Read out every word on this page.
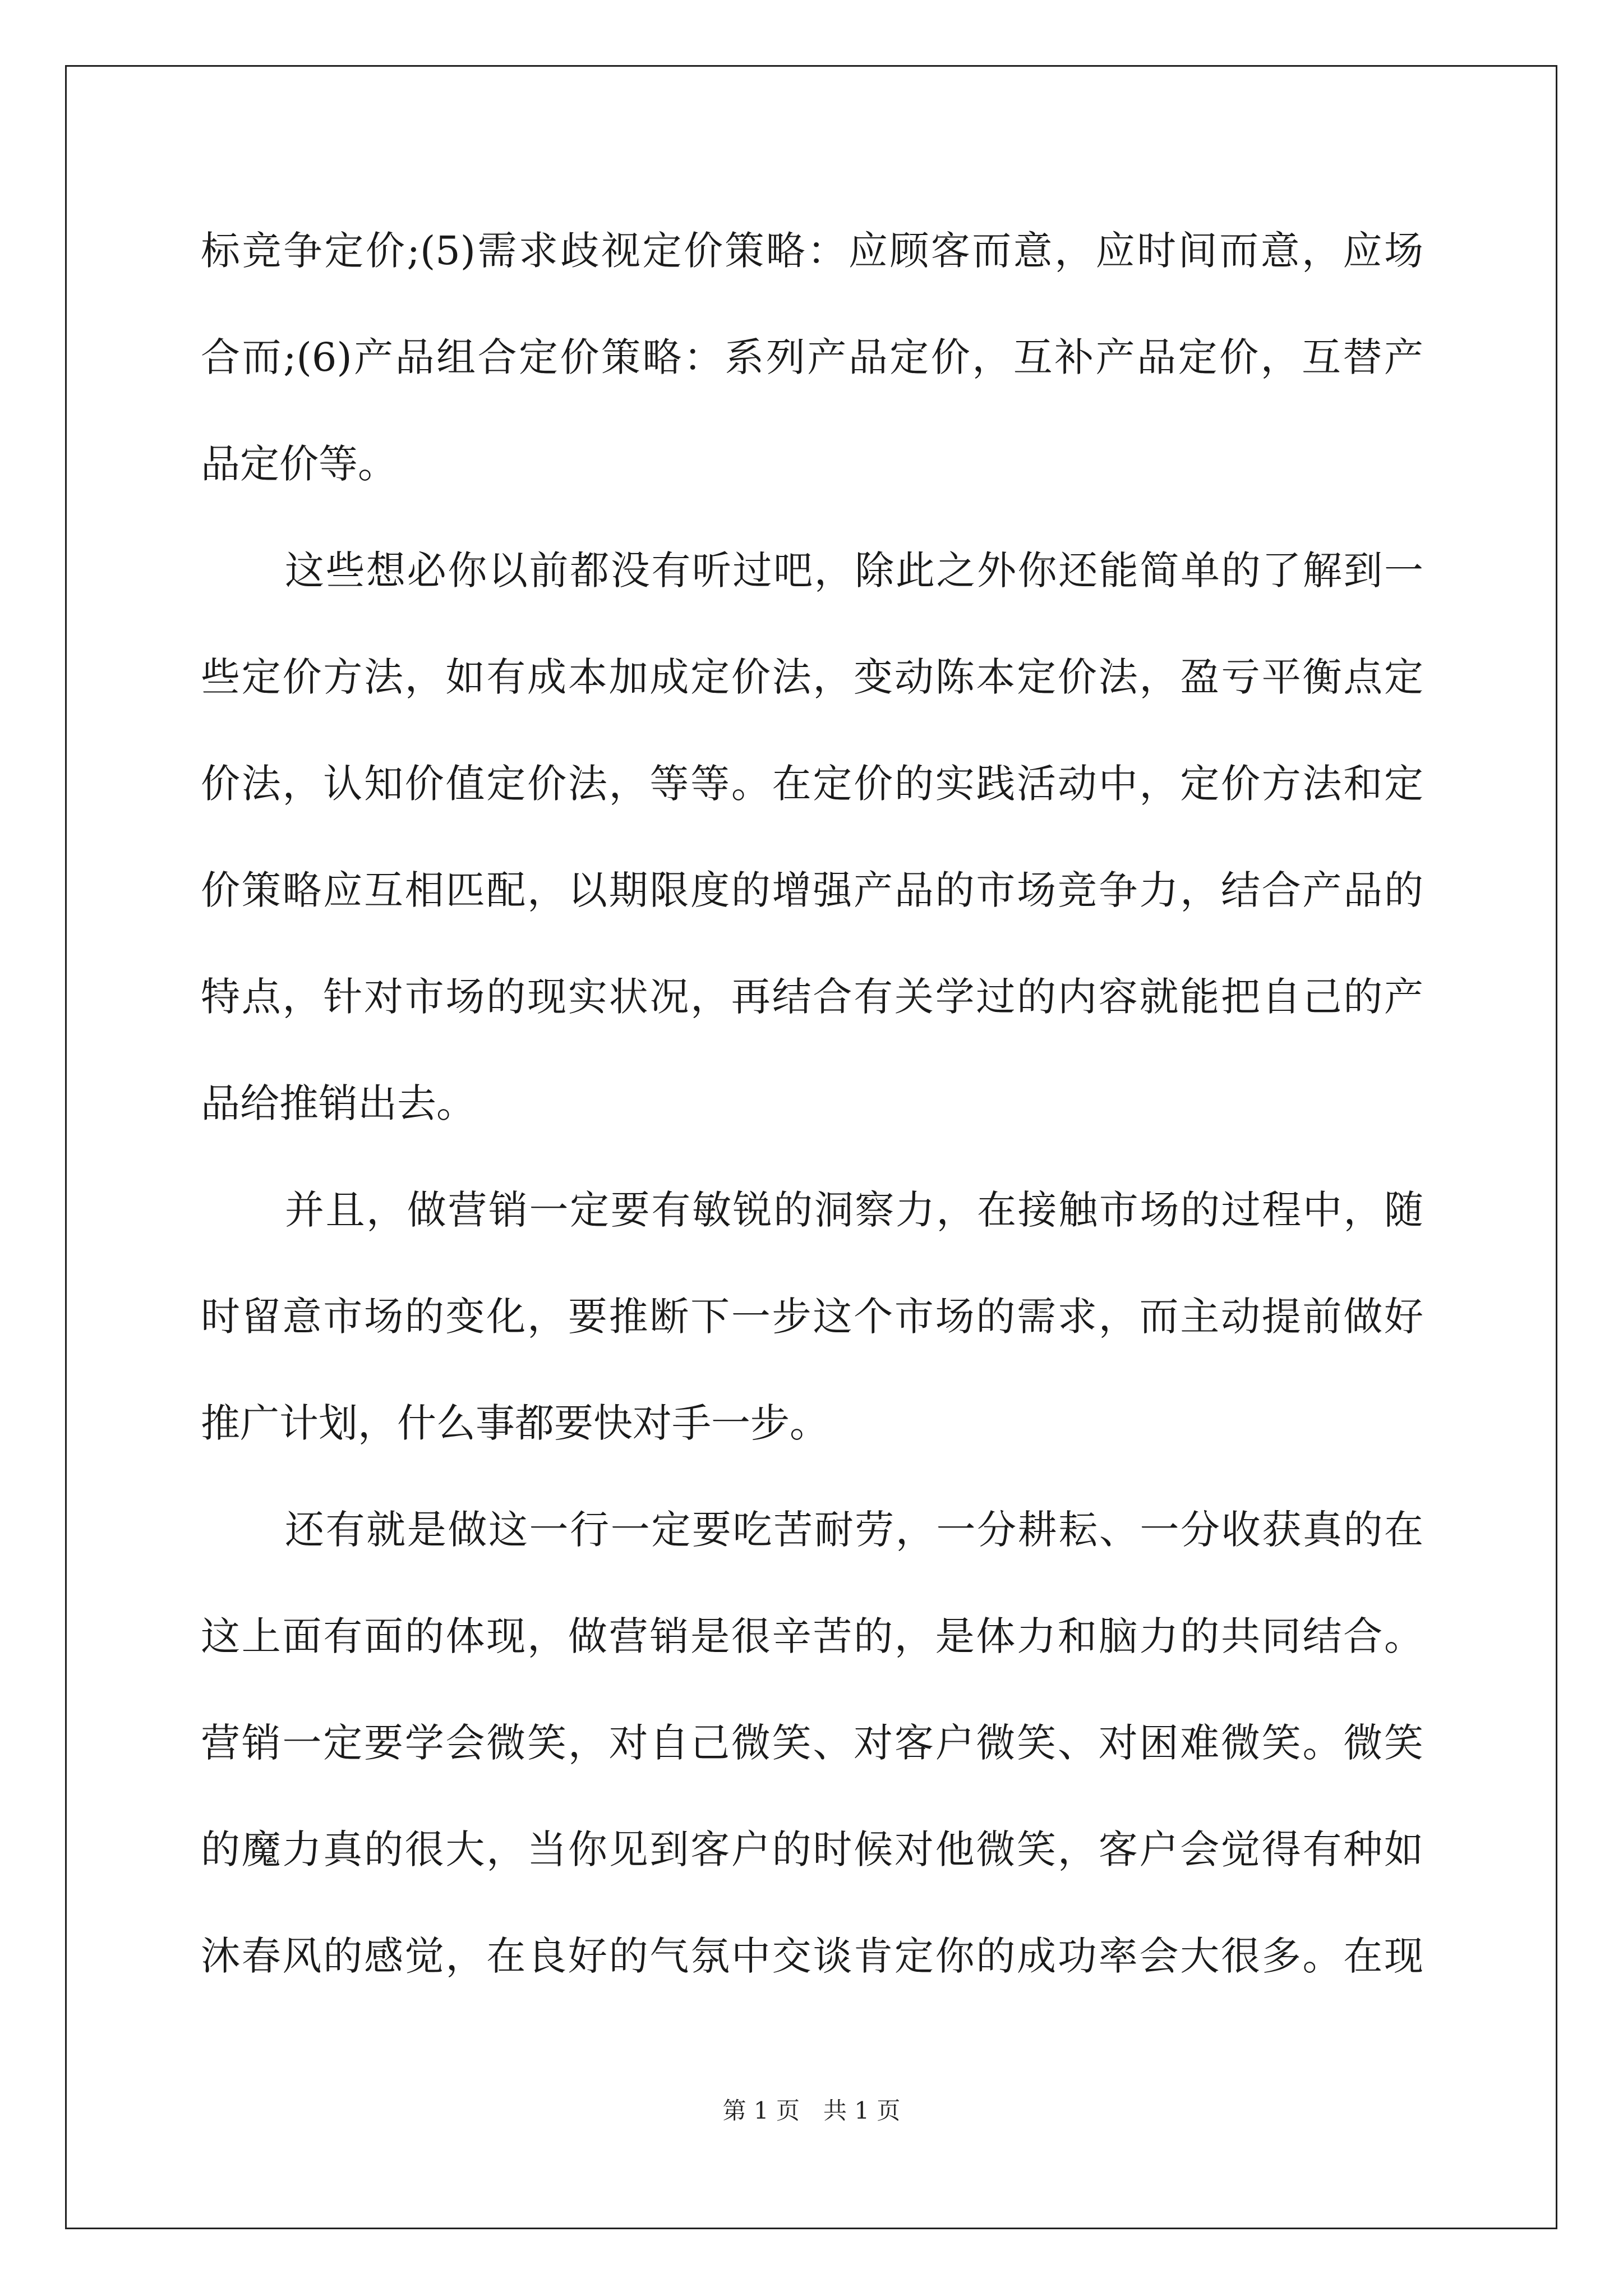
标竞争定价;(5)需求歧视定价策略：应顾客而意，应时间而意，应场
合而;(6)产品组合定价策略：系列产品定价，互补产品定价，互替产
品定价等。
这些想必你以前都没有听过吧，除此之外你还能简单的了解到一
些定价方法，如有成本加成定价法，变动陈本定价法，盈亏平衡点定
价法，认知价值定价法，等等。在定价的实践活动中，定价方法和定
价策略应互相匹配，以期限度的增强产品的市场竞争力，结合产品的
特点，针对市场的现实状况，再结合有关学过的内容就能把自己的产
品给推销出去。
并且，做营销一定要有敏锐的洞察力，在接触市场的过程中，随
时留意市场的变化，要推断下一步这个市场的需求，而主动提前做好
推广计划，什么事都要快对手一步。
还有就是做这一行一定要吃苦耐劳，一分耕耘、一分收获真的在
这上面有面的体现，做营销是很辛苦的，是体力和脑力的共同结合。
营销一定要学会微笑，对自己微笑、对客户微笑、对困难微笑。微笑
的魔力真的很大，当你见到客户的时候对他微笑，客户会觉得有种如
沐春风的感觉，在良好的气氛中交谈肯定你的成功率会大很多。在现
第 1 页　共 1 页
